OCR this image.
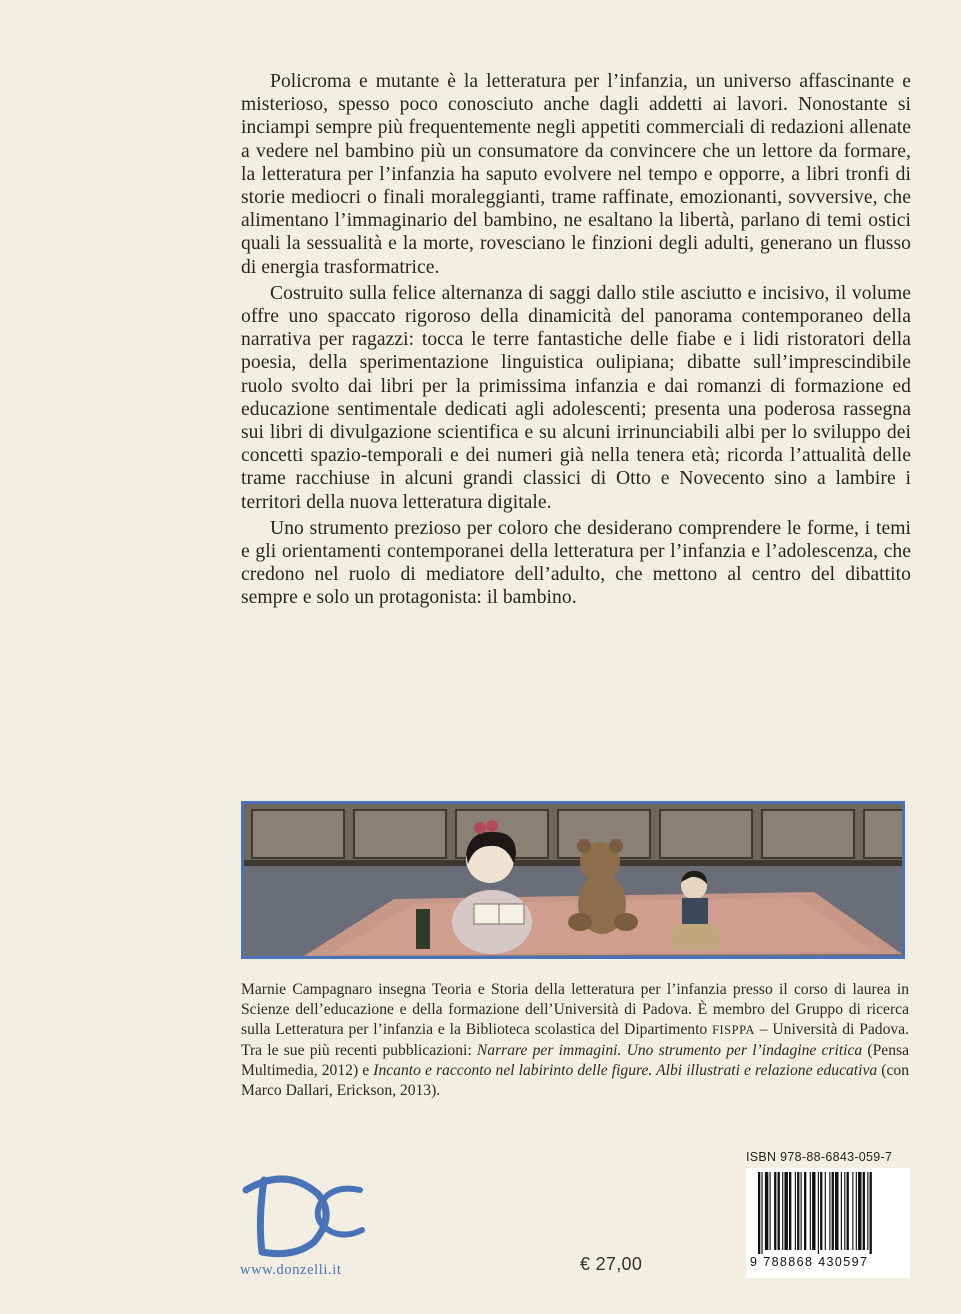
Policroma e mutante è la letteratura per l’infanzia, un universo affascinante e misterioso, spesso poco conosciuto anche dagli addetti ai lavori. Nonostante si inciampi sempre più frequentemente negli appetiti commerciali di redazioni allenate a vedere nel bambino più un consumatore da convincere che un lettore da formare, la letteratura per l’infanzia ha saputo evolvere nel tempo e opporre, a libri tronfi di storie mediocri o finali moraleggianti, trame raffinate, emozionanti, sovversive, che alimentano l’immaginario del bambino, ne esaltano la libertà, parlano di temi ostici quali la sessualità e la morte, rovesciano le finzioni degli adulti, generano un flusso di energia trasformatrice.

Costruito sulla felice alternanza di saggi dallo stile asciutto e incisivo, il volume offre uno spaccato rigoroso della dinamicità del panorama contemporaneo della narrativa per ragazzi: tocca le terre fantastiche delle fiabe e i lidi ristoratori della poesia, della sperimentazione linguistica oulipiana; dibatte sull’imprescindibile ruolo svolto dai libri per la primissima infanzia e dai romanzi di formazione ed educazione sentimentale dedicati agli adolescenti; presenta una poderosa rassegna sui libri di divulgazione scientifica e su alcuni irrinunciabili albi per lo sviluppo dei concetti spazio-temporali e dei numeri già nella tenera età; ricorda l’attualità delle trame racchiuse in alcuni grandi classici di Otto e Novecento sino a lambire i territori della nuova letteratura digitale.

Uno strumento prezioso per coloro che desiderano comprendere le forme, i temi e gli orientamenti contemporanei della letteratura per l’infanzia e l’adolescenza, che credono nel ruolo di mediatore dell’adulto, che mettono al centro del dibattito sempre e solo un protagonista: il bambino.

Marnie Campagnaro insegna Teoria e Storia della letteratura per l’infanzia presso il corso di laurea in Scienze dell’educazione e della formazione dell’Università di Padova. È membro del Gruppo di ricerca sulla Letteratura per l’infanzia e la Biblioteca scolastica del Dipartimento FISPPA – Università di Padova. Tra le sue più recenti pubblicazioni: Narrare per immagini. Uno strumento per l’indagine critica (Pensa Multimedia, 2012) e Incanto e racconto nel labirinto delle figure. Albi illustrati e relazione educativa (con Marco Dallari, Erickson, 2013).

www.donzelli.it	€ 27,00
ISBN 978-88-6843-059-7
9 788868 430597
